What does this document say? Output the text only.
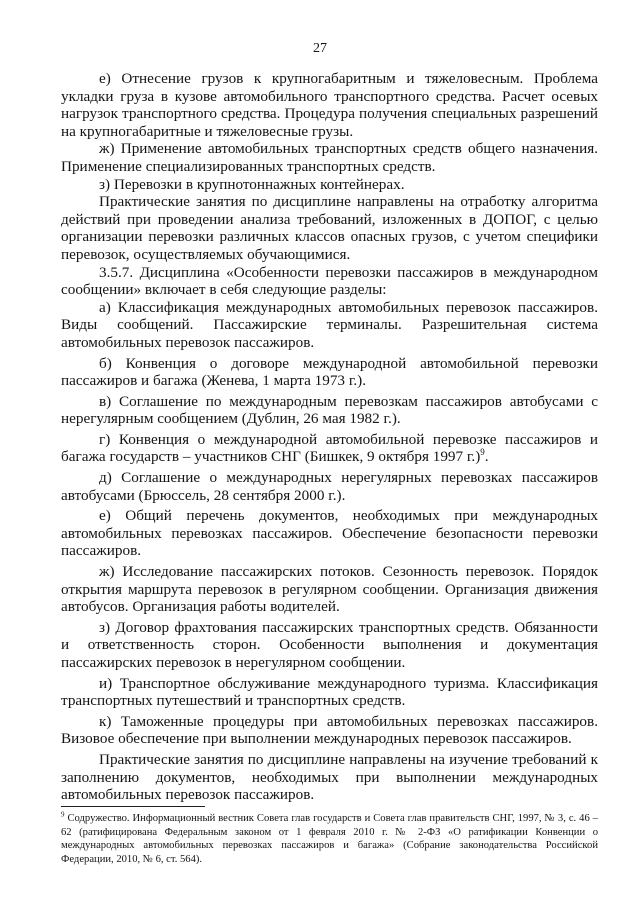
27

е) Отнесение грузов к крупногабаритным и тяжеловесным. Проблема укладки груза в кузове автомобильного транспортного средства. Расчет осевых нагрузок транспортного средства. Процедура получения специальных разрешений на крупногабаритные и тяжеловесные грузы.

ж) Применение автомобильных транспортных средств общего назначения. Применение специализированных транспортных средств.

з) Перевозки в крупнотоннажных контейнерах.

Практические занятия по дисциплине направлены на отработку алгоритма действий при проведении анализа требований, изложенных в ДОПОГ, с целью организации перевозки различных классов опасных грузов, с учетом специфики перевозок, осуществляемых обучающимися.

3.5.7. Дисциплина «Особенности перевозки пассажиров в международном сообщении» включает в себя следующие разделы:

а) Классификация международных автомобильных перевозок пассажиров. Виды сообщений. Пассажирские терминалы. Разрешительная система автомобильных перевозок пассажиров.

б) Конвенция о договоре международной автомобильной перевозки пассажиров и багажа (Женева, 1 марта 1973 г.).

в) Соглашение по международным перевозкам пассажиров автобусами с нерегулярным сообщением (Дублин, 26 мая 1982 г.).

г) Конвенция о международной автомобильной перевозке пассажиров и багажа государств – участников СНГ (Бишкек, 9 октября 1997 г.)$^9$.

д) Соглашение о международных нерегулярных перевозках пассажиров автобусами (Брюссель, 28 сентября 2000 г.).

е) Общий перечень документов, необходимых при международных автомобильных перевозках пассажиров. Обеспечение безопасности перевозки пассажиров.

ж) Исследование пассажирских потоков. Сезонность перевозок. Порядок открытия маршрута перевозок в регулярном сообщении. Организация движения автобусов. Организация работы водителей.

з) Договор фрахтования пассажирских транспортных средств. Обязанности и ответственность сторон. Особенности выполнения и документация пассажирских перевозок в нерегулярном сообщении.

и) Транспортное обслуживание международного туризма. Классификация транспортных путешествий и транспортных средств.

к) Таможенные процедуры при автомобильных перевозках пассажиров. Визовое обеспечение при выполнении международных перевозок пассажиров.

Практические занятия по дисциплине направлены на изучение требований к заполнению документов, необходимых при выполнении международных автомобильных перевозок пассажиров.

$^9$ Содружество. Информационный вестник Совета глав государств и Совета глав правительств СНГ, 1997, № 3, с. 46 – 62 (ратифицирована Федеральным законом от 1 февраля 2010 г. № 2-ФЗ «О ратификации Конвенции о международных автомобильных перевозках пассажиров и багажа» (Собрание законодательства Российской Федерации, 2010, № 6, ст. 564).
